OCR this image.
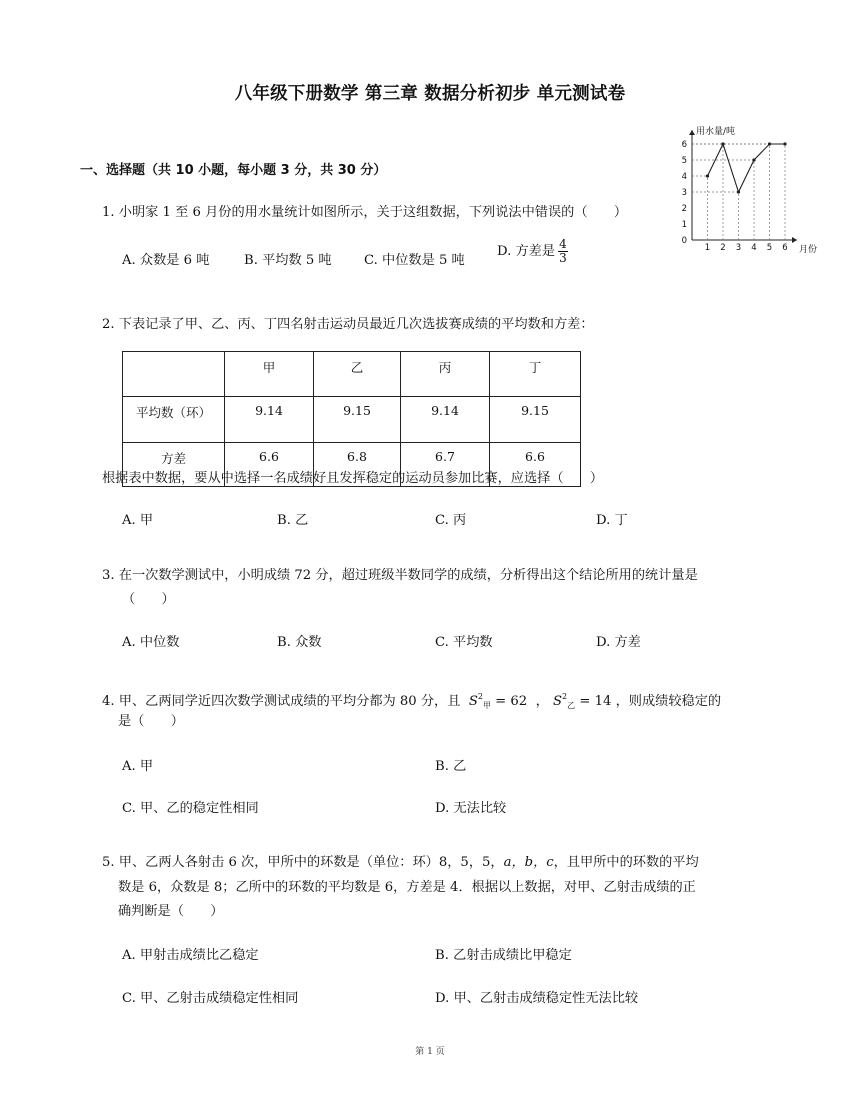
八年级下册数学 第三章 数据分析初步 单元测试卷
一、选择题（共 10 小题，每小题 3 分，共 30 分）
0
1
2
3
4
5
6
1 2 3 4 5 6
用水量/吨
月份
1. 小明家 1 至 6 月份的用水量统计如图所示，关于这组数据，下列说法中错误的（　　）
A. 众数是 6 吨	B. 平均数 5 吨 C. 中位数是 5 吨
D. 方差是 $\frac{4}{3}$
2. 下表记录了甲、乙、丙、丁四名射击运动员最近几次选拔赛成绩的平均数和方差：
	甲	乙	丙	丁
平均数（环）	9.14	9.15	9.14	9.15
方差	6.6	6.8	6.7	6.6
根据表中数据，要从中选择一名成绩好且发挥稳定的运动员参加比赛，应选择（　　）
A. 甲	B. 乙	C. 丙	D. 丁
3. 在一次数学测试中，小明成绩 72 分，超过班级半数同学的成绩，分析得出这个结论所用的统计量是
（　　）
A. 中位数	B. 众数	C. 平均数	D. 方差
4. 甲、乙两同学近四次数学测试成绩的平均分都为 80 分，且  $S^2_甲 = 62$  ， $S^2_乙 = 14$ ，则成绩较稳定的
是（　　）
A. 甲	B. 乙
C. 甲、乙的稳定性相同	D. 无法比较
5. 甲、乙两人各射击 6 次，甲所中的环数是（单位：环）8，5，5，a，b，c，且甲所中的环数的平均
数是 6，众数是 8；乙所中的环数的平均数是 6，方差是 4．根据以上数据，对甲、乙射击成绩的正
确判断是（　　）
A. 甲射击成绩比乙稳定	B. 乙射击成绩比甲稳定
C. 甲、乙射击成绩稳定性相同	D. 甲、乙射击成绩稳定性无法比较
第 1 页
